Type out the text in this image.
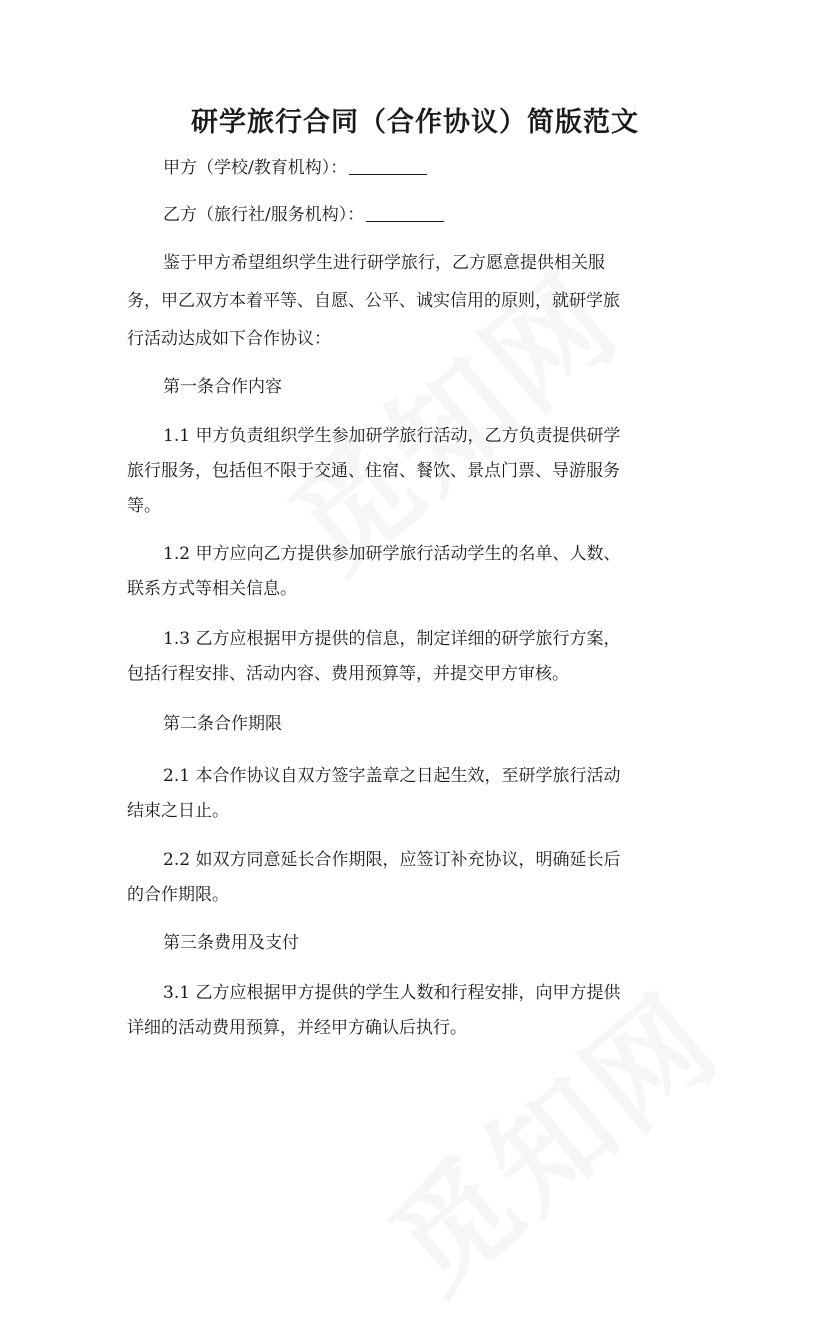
研学旅行合同（合作协议）简版范文

甲方（学校/教育机构）：

乙方（旅行社/服务机构）：

鉴于甲方希望组织学生进行研学旅行，乙方愿意提供相关服

务，甲乙双方本着平等、自愿、公平、诚实信用的原则，就研学旅

行活动达成如下合作协议：

第一条合作内容

1.1 甲方负责组织学生参加研学旅行活动，乙方负责提供研学

旅行服务，包括但不限于交通、住宿、餐饮、景点门票、导游服务

等。

1.2 甲方应向乙方提供参加研学旅行活动学生的名单、人数、

联系方式等相关信息。

1.3 乙方应根据甲方提供的信息，制定详细的研学旅行方案，

包括行程安排、活动内容、费用预算等，并提交甲方审核。

第二条合作期限

2.1 本合作协议自双方签字盖章之日起生效，至研学旅行活动

结束之日止。

2.2 如双方同意延长合作期限，应签订补充协议，明确延长后

的合作期限。

第三条费用及支付

3.1 乙方应根据甲方提供的学生人数和行程安排，向甲方提供

详细的活动费用预算，并经甲方确认后执行。
